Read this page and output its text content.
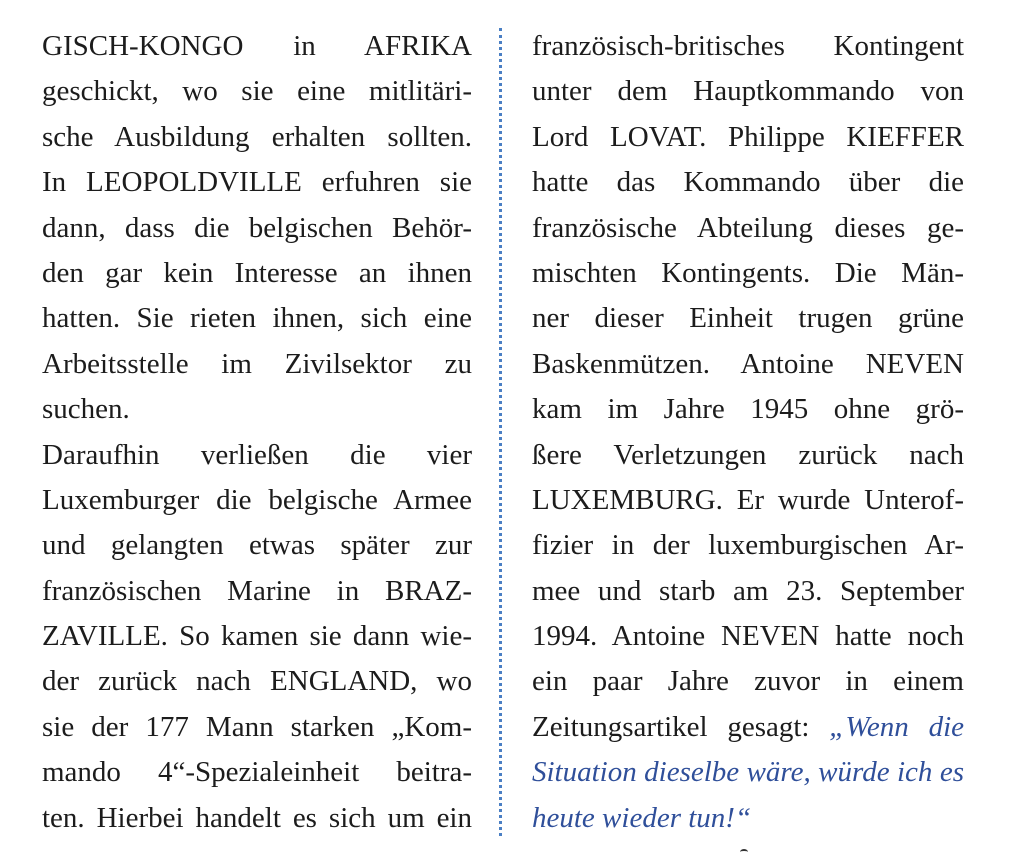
GISCH-KONGO in AFRIKA
geschickt, wo sie eine mitlitäri-
sche Ausbildung erhalten sollten.
In LEOPOLDVILLE erfuhren sie
dann, dass die belgischen Behör-
den gar kein Interesse an ihnen
hatten. Sie rieten ihnen, sich eine
Arbeitsstelle im Zivilsektor zu
suchen.
Daraufhin verließen die vier
Luxemburger die belgische Armee
und gelangten etwas später zur
französischen Marine in BRAZ-
ZAVILLE. So kamen sie dann wie-
der zurück nach ENGLAND, wo
sie der 177 Mann starken „Kom-
mando 4“-Spezialeinheit beitra-
ten. Hierbei handelt es sich um ein
französisch-britisches Kontingent
unter dem Hauptkommando von
Lord LOVAT. Philippe KIEFFER
hatte das Kommando über die
französische Abteilung dieses ge-
mischten Kontingents. Die Män-
ner dieser Einheit trugen grüne
Baskenmützen. Antoine NEVEN
kam im Jahre 1945 ohne grö-
ßere Verletzungen zurück nach
LUXEMBURG. Er wurde Unterof-
fizier in der luxemburgischen Ar-
mee und starb am 23. September
1994. Antoine NEVEN hatte noch
ein paar Jahre zuvor in einem
Zeitungsartikel gesagt: „Wenn die
Situation dieselbe wäre, würde ich es
heute wieder tun!“
